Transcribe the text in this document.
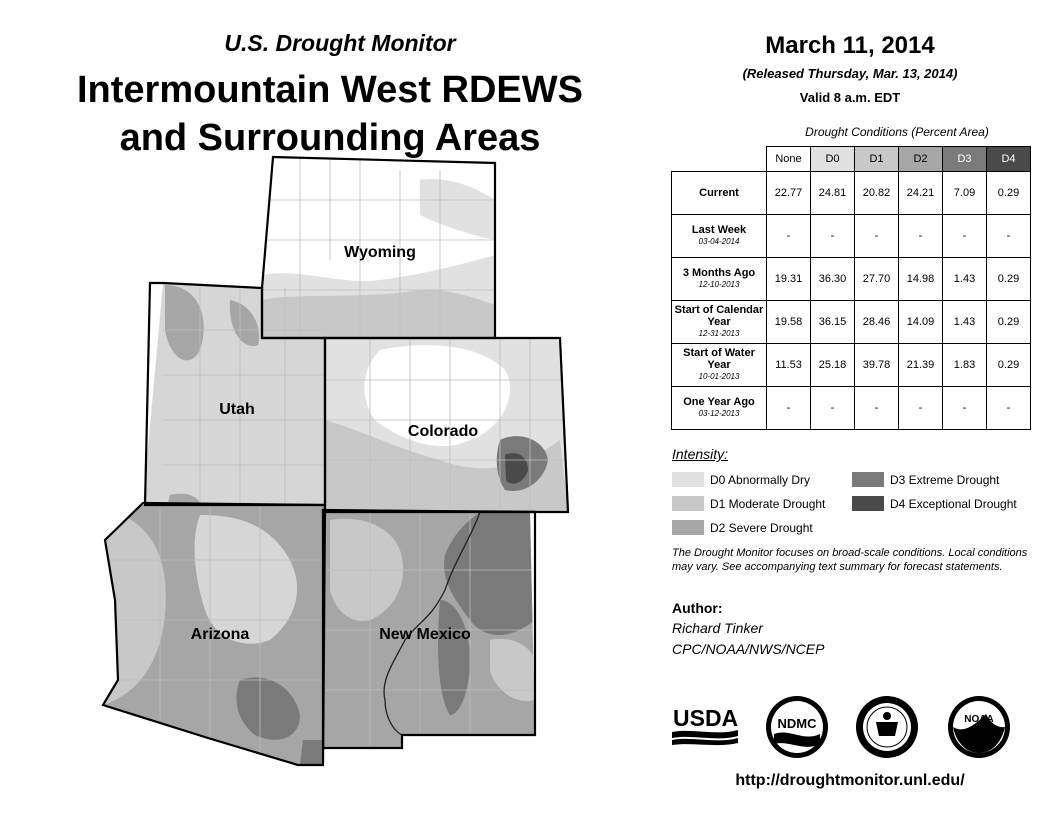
U.S. Drought Monitor
Intermountain West RDEWS
and Surrounding Areas
Wyoming
Utah
Colorado
Arizona	New Mexico
March 11, 2014
(Released Thursday, Mar. 13, 2014)
Valid 8 a.m. EDT
Drought Conditions (Percent Area)
	None	D0	D1	D2	D3	D4
Current	22.77	24.81	20.82	24.21	7.09	0.29
Last Week
03-04-2014	-	-	-	-	-	-
3 Months Ago
12-10-2013	19.31	36.30	27.70	14.98	1.43	0.29
Start of Calendar Year
12-31-2013	19.58	36.15	28.46	14.09	1.43	0.29
Start of Water Year
10-01-2013	11.53	25.18	39.78	21.39	1.83	0.29
One Year Ago
03-12-2013	-	-	-	-	-	-
Intensity:
D0 Abnormally Dry
D1 Moderate Drought
D2 Severe Drought
D3 Extreme Drought
D4 Exceptional Drought
The Drought Monitor focuses on broad-scale conditions. Local conditions may vary. See accompanying text summary for forecast statements.
Author:
Richard Tinker
CPC/NOAA/NWS/NCEP
USDA	NDMC	NOAA
http://droughtmonitor.unl.edu/
